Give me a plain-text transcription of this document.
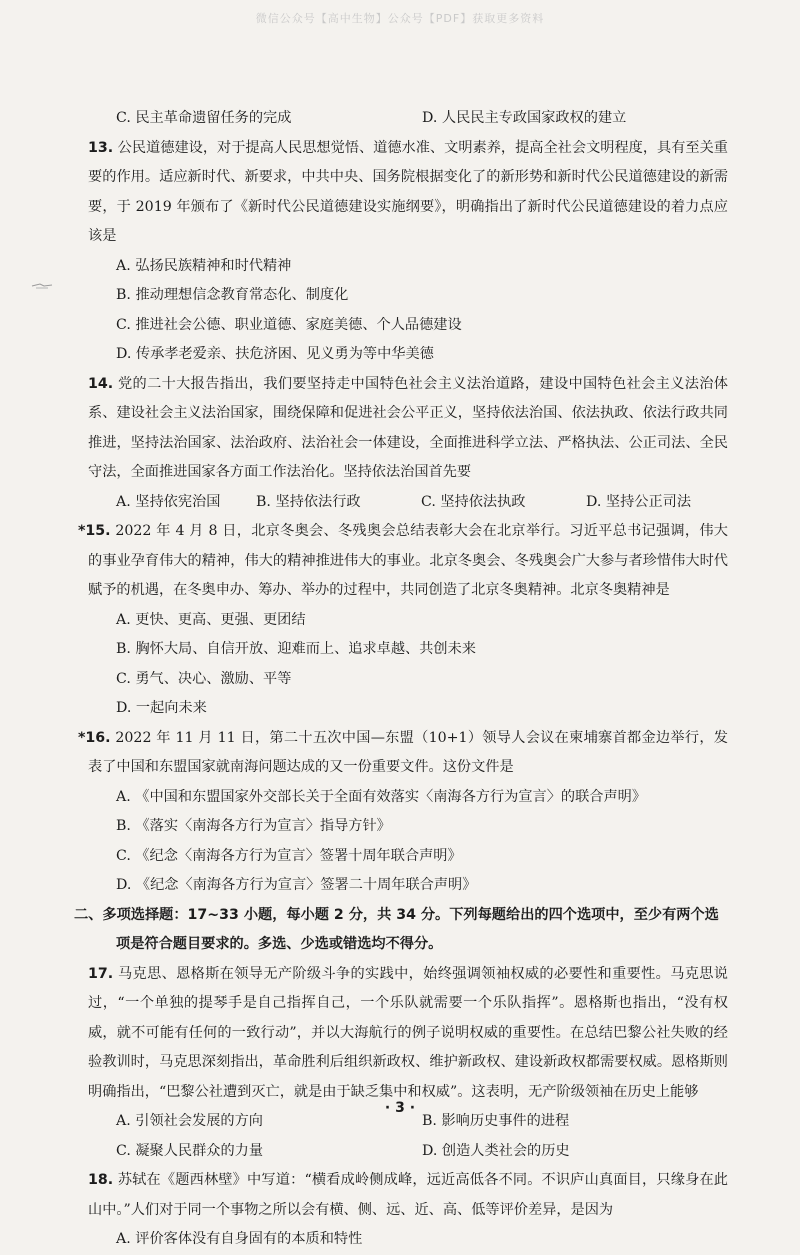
微信公众号【高中生物】公众号【PDF】获取更多资料
C. 民主革命遗留任务的完成	D. 人民民主专政国家政权的建立
13. 公民道德建设，对于提高人民思想觉悟、道德水准、文明素养，提高全社会文明程度，具有至关重要的作用。适应新时代、新要求，中共中央、国务院根据变化了的新形势和新时代公民道德建设的新需要，于 2019 年颁布了《新时代公民道德建设实施纲要》，明确指出了新时代公民道德建设的着力点应该是
A. 弘扬民族精神和时代精神
B. 推动理想信念教育常态化、制度化
C. 推进社会公德、职业道德、家庭美德、个人品德建设
D. 传承孝老爱亲、扶危济困、见义勇为等中华美德
14. 党的二十大报告指出，我们要坚持走中国特色社会主义法治道路，建设中国特色社会主义法治体系、建设社会主义法治国家，围绕保障和促进社会公平正义，坚持依法治国、依法执政、依法行政共同推进，坚持法治国家、法治政府、法治社会一体建设，全面推进科学立法、严格执法、公正司法、全民守法，全面推进国家各方面工作法治化。坚持依法治国首先要
A. 坚持依宪治国	B. 坚持依法行政	C. 坚持依法执政	D. 坚持公正司法
*15. 2022 年 4 月 8 日，北京冬奥会、冬残奥会总结表彰大会在北京举行。习近平总书记强调，伟大的事业孕育伟大的精神，伟大的精神推进伟大的事业。北京冬奥会、冬残奥会广大参与者珍惜伟大时代赋予的机遇，在冬奥申办、筹办、举办的过程中，共同创造了北京冬奥精神。北京冬奥精神是
A. 更快、更高、更强、更团结
B. 胸怀大局、自信开放、迎难而上、追求卓越、共创未来
C. 勇气、决心、激励、平等
D. 一起向未来
*16. 2022 年 11 月 11 日，第二十五次中国—东盟（10+1）领导人会议在柬埔寨首都金边举行，发表了中国和东盟国家就南海问题达成的又一份重要文件。这份文件是
A. 《中国和东盟国家外交部长关于全面有效落实〈南海各方行为宣言〉的联合声明》
B. 《落实〈南海各方行为宣言〉指导方针》
C. 《纪念〈南海各方行为宣言〉签署十周年联合声明》
D. 《纪念〈南海各方行为宣言〉签署二十周年联合声明》
二、多项选择题：17~33 小题，每小题 2 分，共 34 分。下列每题给出的四个选项中，至少有两个选
项是符合题目要求的。多选、少选或错选均不得分。
17. 马克思、恩格斯在领导无产阶级斗争的实践中，始终强调领袖权威的必要性和重要性。马克思说过，“一个单独的提琴手是自己指挥自己，一个乐队就需要一个乐队指挥”。恩格斯也指出，“没有权威，就不可能有任何的一致行动”，并以大海航行的例子说明权威的重要性。在总结巴黎公社失败的经验教训时，马克思深刻指出，革命胜利后组织新政权、维护新政权、建设新政权都需要权威。恩格斯则明确指出，“巴黎公社遭到灭亡，就是由于缺乏集中和权威”。这表明，无产阶级领袖在历史上能够
A. 引领社会发展的方向	B. 影响历史事件的进程
C. 凝聚人民群众的力量	D. 创造人类社会的历史
18. 苏轼在《题西林壁》中写道：“横看成岭侧成峰，远近高低各不同。不识庐山真面目，只缘身在此山中。”人们对于同一个事物之所以会有横、侧、远、近、高、低等评价差异，是因为
A. 评价客体没有自身固有的本质和特性
· 3 ·
